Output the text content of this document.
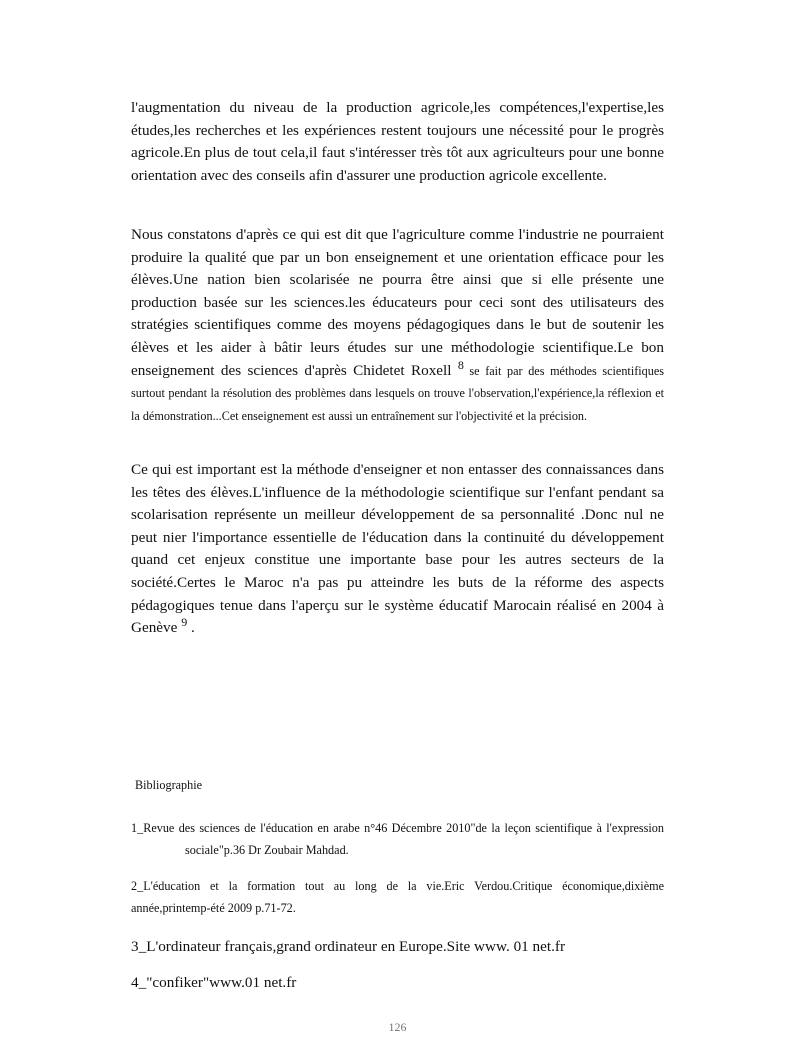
l'augmentation du niveau de la production agricole,les compétences,l'expertise,les études,les recherches et les expériences restent toujours une nécessité pour le progrès agricole.En plus de tout cela,il faut s'intéresser très tôt aux agriculteurs pour une bonne orientation avec des conseils afin d'assurer une production agricole excellente.

Nous constatons d'après ce qui est dit que l'agriculture comme l'industrie ne pourraient produire la qualité que par un bon enseignement et une orientation efficace pour les élèves.Une nation bien scolarisée ne pourra être ainsi que si elle présente une production basée sur les sciences.les éducateurs pour ceci sont des utilisateurs des stratégies scientifiques comme des moyens pédagogiques dans le but de soutenir les élèves et les aider à bâtir leurs études sur une méthodologie scientifique.Le bon enseignement des sciences d'après Chidetet Roxell $^8$ se fait par des méthodes scientifiques surtout pendant la résolution des problèmes dans lesquels on trouve l'observation,l'expérience,la réflexion et la démonstration...Cet enseignement est aussi un entraînement sur l'objectivité et la précision.

Ce qui est important est la méthode d'enseigner et non entasser des connaissances dans les têtes des élèves.L'influence de la méthodologie scientifique sur l'enfant pendant sa scolarisation représente un meilleur développement de sa personnalité .Donc nul ne peut nier l'importance essentielle de l'éducation dans la continuité du développement quand cet enjeux constitue une importante base pour les autres secteurs de la société.Certes le Maroc n'a pas pu atteindre les buts de la réforme des aspects pédagogiques tenue dans l'aperçu sur le système éducatif Marocain réalisé en 2004 à Genève $^9$ .

Bibliographie

1_Revue des sciences de l'éducation en arabe n°46 Décembre 2010"de la leçon scientifique à l'expressionsociale"p.36 Dr Zoubair Mahdad.

2_L'éducation et la formation tout au long de la vie.Eric Verdou.Critique économique,dixième année,printemp-été 2009 p.71-72.

3_L'ordinateur français,grand ordinateur en Europe.Site www. 01 net.fr

4_"confiker"www.01 net.fr

126
